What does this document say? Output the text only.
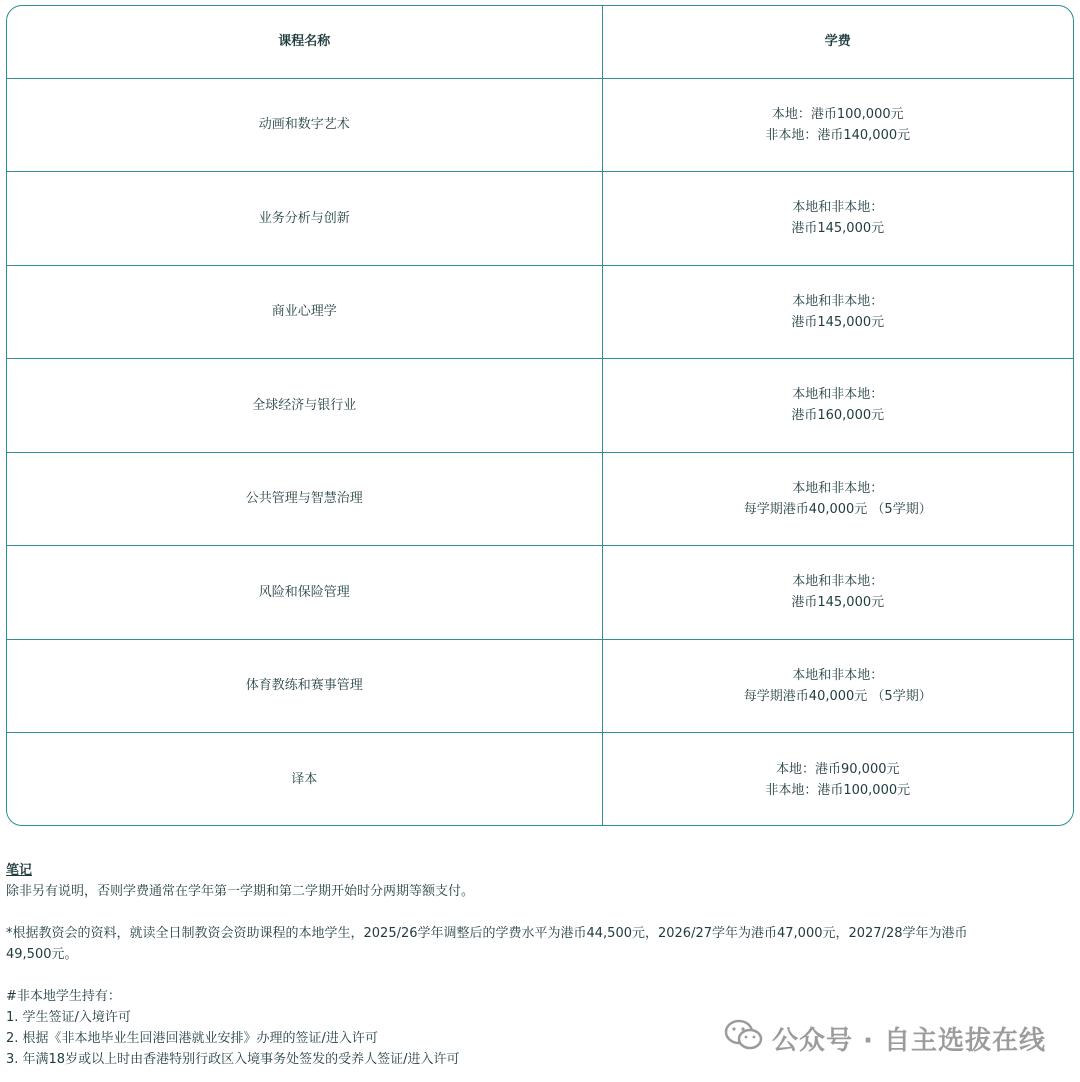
课程名称	学费
动画和数字艺术	本地：港币100,000元
非本地：港币140,000元

业务分析与创新	本地和非本地：
港币145,000元

商业心理学	本地和非本地：
港币145,000元

全球经济与银行业	本地和非本地：
港币160,000元

公共管理与智慧治理	本地和非本地：
每学期港币40,000元 （5学期）

风险和保险管理	本地和非本地：
港币145,000元

体育教练和赛事管理	本地和非本地：
每学期港币40,000元 （5学期）

译本	本地：港币90,000元
非本地：港币100,000元
笔记

除非另有说明，否则学费通常在学年第一学期和第二学期开始时分两期等额支付。

*根据教资会的资料，就读全日制教资会资助课程的本地学生，2025/26学年调整后的学费水平为港币44,500元，2026/27学年为港币47,000元，2027/28学年为港币

49,500元。

#非本地学生持有：

1. 学生签证/入境许可

2. 根据《非本地毕业生回港回港就业安排》办理的签证/进入许可

3. 年满18岁或以上时由香港特别行政区入境事务处签发的受养人签证/进入许可

公众号 · 自主选拔在线
